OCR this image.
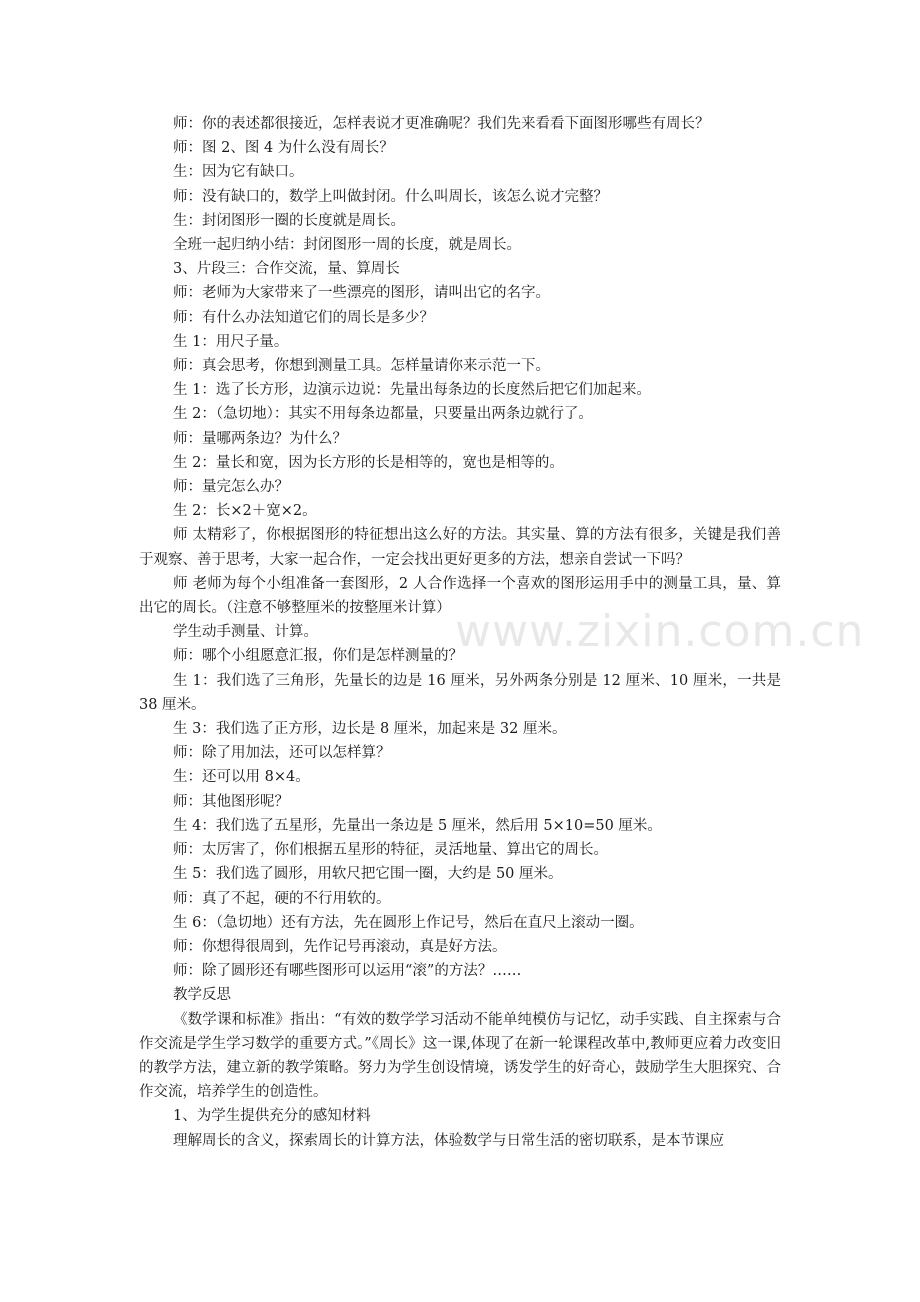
师：你的表述都很接近，怎样表说才更准确呢？我们先来看看下面图形哪些有周长？
师：图 2、图 4 为什么没有周长？
生：因为它有缺口。
师：没有缺口的，数学上叫做封闭。什么叫周长，该怎么说才完整？
生：封闭图形一圈的长度就是周长。
全班一起归纳小结：封闭图形一周的长度，就是周长。
3、片段三：合作交流，量、算周长
师：老师为大家带来了一些漂亮的图形，请叫出它的名字。
师：有什么办法知道它们的周长是多少？
生 1：用尺子量。
师：真会思考，你想到测量工具。怎样量请你来示范一下。
生 1：选了长方形，边演示边说：先量出每条边的长度然后把它们加起来。
生 2：（急切地）：其实不用每条边都量，只要量出两条边就行了。
师：量哪两条边？为什么？
生 2：量长和宽，因为长方形的长是相等的，宽也是相等的。
师：量完怎么办？
生 2：长×2＋宽×2。
师 太精彩了，你根据图形的特征想出这么好的方法。其实量、算的方法有很多，关键是我们善于观察、善于思考，大家一起合作，一定会找出更好更多的方法，想亲自尝试一下吗？
师 老师为每个小组准备一套图形，2 人合作选择一个喜欢的图形运用手中的测量工具，量、算出它的周长。（注意不够整厘米的按整厘米计算）
学生动手测量、计算。
师：哪个小组愿意汇报，你们是怎样测量的？
生 1：我们选了三角形，先量长的边是 16 厘米，另外两条分别是 12 厘米、10 厘米，一共是 38 厘米。
生 3：我们选了正方形，边长是 8 厘米，加起来是 32 厘米。
师：除了用加法，还可以怎样算？
生：还可以用 8×4。
师：其他图形呢？
生 4：我们选了五星形，先量出一条边是 5 厘米，然后用 5×10=50 厘米。
师：太厉害了，你们根据五星形的特征，灵活地量、算出它的周长。
生 5：我们选了圆形，用软尺把它围一圈，大约是 50 厘米。
师：真了不起，硬的不行用软的。
生 6：（急切地）还有方法，先在圆形上作记号，然后在直尺上滚动一圈。
师：你想得很周到，先作记号再滚动，真是好方法。
师：除了圆形还有哪些图形可以运用“滚”的方法？……
教学反思
《数学课和标准》指出：“有效的数学学习活动不能单纯模仿与记忆，动手实践、自主探索与合作交流是学生学习数学的重要方式。”《周长》这一课,体现了在新一轮课程改革中,教师更应着力改变旧的教学方法，建立新的教学策略。努力为学生创设情境，诱发学生的好奇心，鼓励学生大胆探究、合作交流，培养学生的创造性。
1、为学生提供充分的感知材料
理解周长的含义，探索周长的计算方法，体验数学与日常生活的密切联系，是本节课应
www.zixin.com.cn
